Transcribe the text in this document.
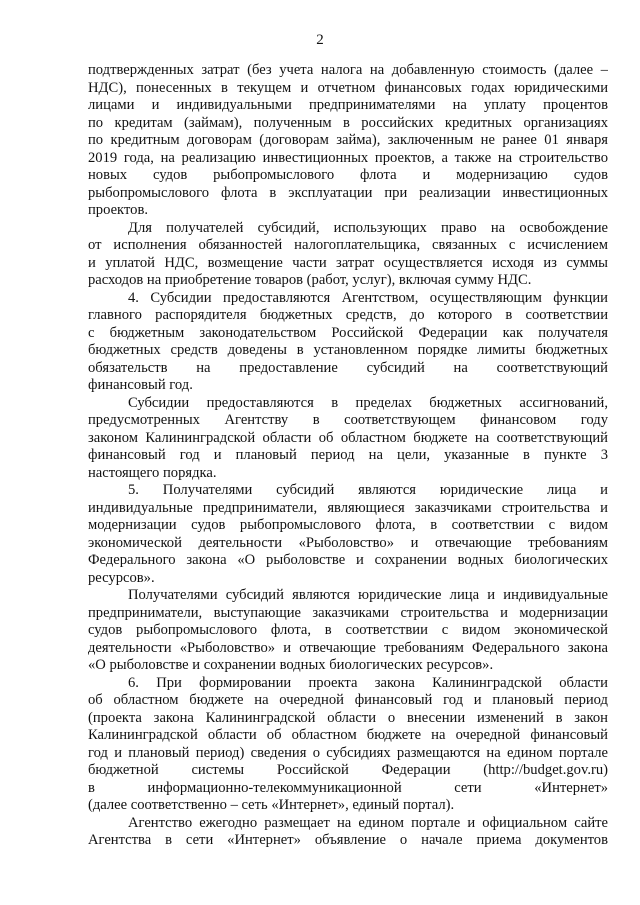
2
подтвержденных затрат (без учета налога на добавленную стоимость (далее –
НДС), понесенных в текущем и отчетном финансовых годах юридическими
лицами и индивидуальными предпринимателями на уплату процентов
по кредитам (займам), полученным в российских кредитных организациях
по кредитным договорам (договорам займа), заключенным не ранее 01 января
2019 года, на реализацию инвестиционных проектов, а также на строительство
новых судов рыбопромыслового флота и модернизацию судов
рыбопромыслового флота в эксплуатации при реализации инвестиционных
проектов.
Для получателей субсидий, использующих право на освобождение
от исполнения обязанностей налогоплательщика, связанных с исчислением
и уплатой НДС, возмещение части затрат осуществляется исходя из суммы
расходов на приобретение товаров (работ, услуг), включая сумму НДС.
4. Субсидии предоставляются Агентством, осуществляющим функции
главного распорядителя бюджетных средств, до которого в соответствии
с бюджетным законодательством Российской Федерации как получателя
бюджетных средств доведены в установленном порядке лимиты бюджетных
обязательств на предоставление субсидий на соответствующий
финансовый год.
Субсидии предоставляются в пределах бюджетных ассигнований,
предусмотренных Агентству в соответствующем финансовом году
законом Калининградской области об областном бюджете на соответствующий
финансовый год и плановый период на цели, указанные в пункте 3
настоящего порядка.
5. Получателями субсидий являются юридические лица и
индивидуальные предприниматели, являющиеся заказчиками строительства и
модернизации судов рыбопромыслового флота, в соответствии с видом
экономической деятельности «Рыболовство» и отвечающие требованиям
Федерального закона «О рыболовстве и сохранении водных биологических
ресурсов».
Получателями субсидий являются юридические лица и индивидуальные
предприниматели, выступающие заказчиками строительства и модернизации
судов рыбопромыслового флота, в соответствии с видом экономической
деятельности «Рыболовство» и отвечающие требованиям Федерального закона
«О рыболовстве и сохранении водных биологических ресурсов».
6. При формировании проекта закона Калининградской области
об областном бюджете на очередной финансовый год и плановый период
(проекта закона Калининградской области о внесении изменений в закон
Калининградской области об областном бюджете на очередной финансовый
год и плановый период) сведения о субсидиях размещаются на едином портале
бюджетной системы Российской Федерации (http://budget.gov.ru)
в информационно-телекоммуникационной сети «Интернет»
(далее соответственно – сеть «Интернет», единый портал).
Агентство ежегодно размещает на едином портале и официальном сайте
Агентства в сети «Интернет» объявление о начале приема документов
